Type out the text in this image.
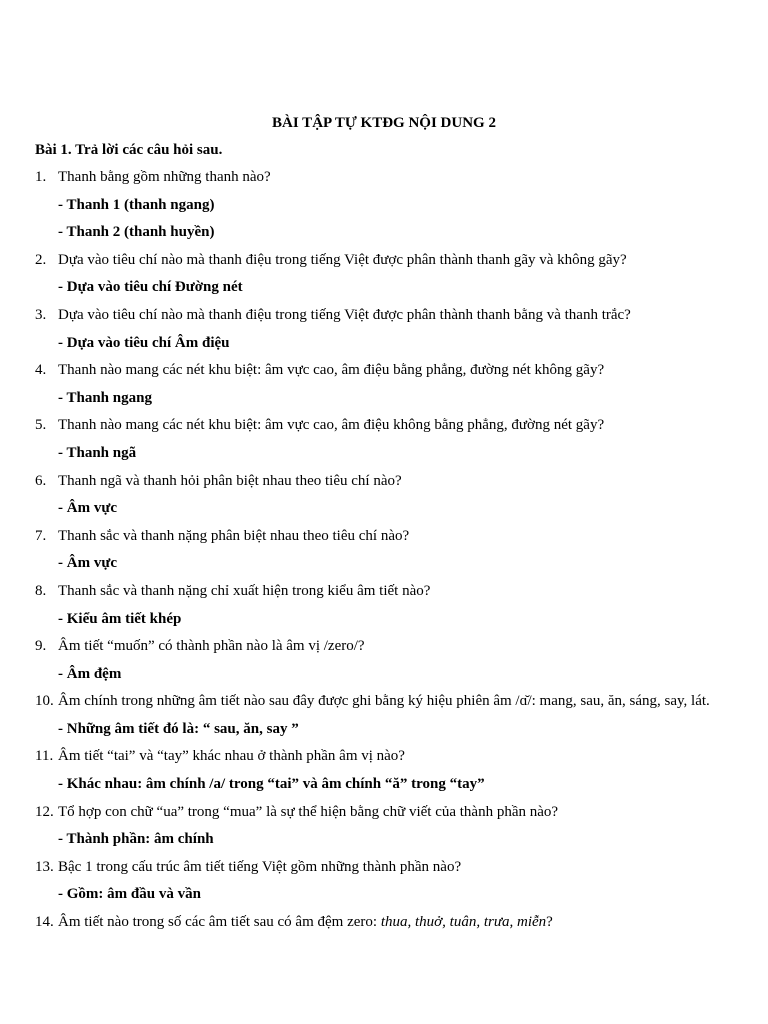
BÀI TẬP TỰ KTĐG NỘI DUNG 2
Bài 1. Trả lời các câu hỏi sau.
1. Thanh bằng gồm những thanh nào?
- Thanh 1 (thanh ngang)
- Thanh 2 (thanh huyền)
2. Dựa vào tiêu chí nào mà thanh điệu trong tiếng Việt được phân thành thanh gãy và không gãy?
- Dựa vào tiêu chí Đường nét
3. Dựa vào tiêu chí nào mà thanh điệu trong tiếng Việt được phân thành thanh bằng và thanh trắc?
- Dựa vào tiêu chí Âm điệu
4. Thanh nào mang các nét khu biệt: âm vực cao, âm điệu bằng phẳng, đường nét không gãy?
- Thanh ngang
5. Thanh nào mang các nét khu biệt: âm vực cao, âm điệu không bằng phẳng, đường nét gãy?
- Thanh ngã
6. Thanh ngã và thanh hỏi phân biệt nhau theo tiêu chí nào?
- Âm vực
7. Thanh sắc và thanh nặng phân biệt nhau theo tiêu chí nào?
- Âm vực
8. Thanh sắc và thanh nặng chỉ xuất hiện trong kiểu âm tiết nào?
- Kiểu âm tiết khép
9. Âm tiết “muốn” có thành phần nào là âm vị /zero/?
- Âm đệm
10. Âm chính trong những âm tiết nào sau đây được ghi bằng ký hiệu phiên âm /ɑ̆/: mang, sau, ăn, sáng, say, lát.
- Những âm tiết đó là: “ sau, ăn, say ”
11. Âm tiết “tai” và “tay” khác nhau ở thành phần âm vị nào?
- Khác nhau: âm chính /a/ trong “tai” và âm chính “ă” trong “tay”
12. Tổ hợp con chữ “ua” trong “mua” là sự thể hiện bằng chữ viết của thành phần nào?
- Thành phần: âm chính
13. Bậc 1 trong cấu trúc âm tiết tiếng Việt gồm những thành phần nào?
- Gồm: âm đầu và vần
14. Âm tiết nào trong số các âm tiết sau có âm đệm zero: thua, thuở, tuân, trưa, miễn?
